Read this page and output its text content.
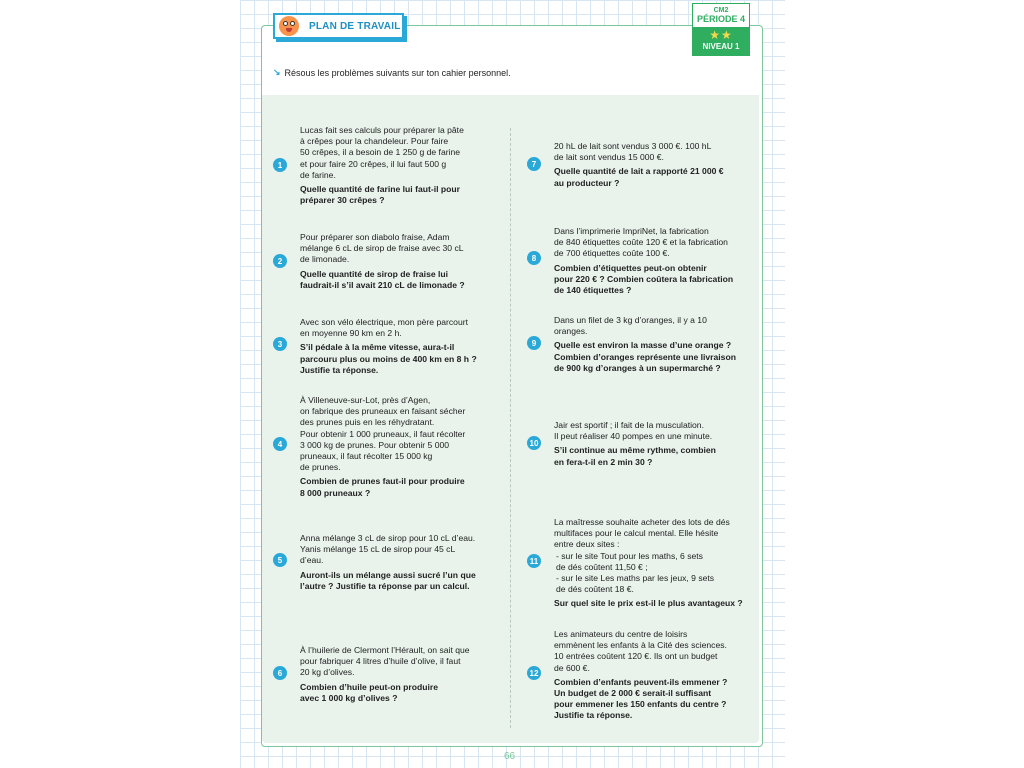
PLAN DE TRAVAIL
CM2
PÉRIODE 4
★★
NIVEAU 1
↘ Résous les problèmes suivants sur ton cahier personnel.
1

Lucas fait ses calculs pour préparer la pâte
à crêpes pour la chandeleur. Pour faire
50 crêpes, il a besoin de 1 250 g de farine
et pour faire 20 crêpes, il lui faut 500 g
de farine.

Quelle quantité de farine lui faut-il pour
préparer 30 crêpes ?

2

Pour préparer son diabolo fraise, Adam
mélange 6 cL de sirop de fraise avec 30 cL
de limonade.

Quelle quantité de sirop de fraise lui
faudrait-il s’il avait 210 cL de limonade ?

3

Avec son vélo électrique, mon père parcourt
en moyenne 90 km en 2 h.

S’il pédale à la même vitesse, aura-t-il
parcouru plus ou moins de 400 km en 8 h ?
Justifie ta réponse.

4

À Villeneuve-sur-Lot, près d’Agen,
on fabrique des pruneaux en faisant sécher
des prunes puis en les réhydratant.
Pour obtenir 1 000 pruneaux, il faut récolter
3 000 kg de prunes. Pour obtenir 5 000
pruneaux, il faut récolter 15 000 kg
de prunes.

Combien de prunes faut-il pour produire
8 000 pruneaux ?

5

Anna mélange 3 cL de sirop pour 10 cL d’eau.
Yanis mélange 15 cL de sirop pour 45 cL
d’eau.

Auront-ils un mélange aussi sucré l’un que
l’autre ? Justifie ta réponse par un calcul.

6

À l’huilerie de Clermont l’Hérault, on sait que
pour fabriquer 4 litres d’huile d’olive, il faut
20 kg d’olives.

Combien d’huile peut-on produire
avec 1 000 kg d’olives ?

7

20 hL de lait sont vendus 3 000 €. 100 hL
de lait sont vendus 15 000 €.

Quelle quantité de lait a rapporté 21 000 €
au producteur ?

8

Dans l’imprimerie ImpriNet, la fabrication
de 840 étiquettes coûte 120 € et la fabrication
de 700 étiquettes coûte 100 €.

Combien d’étiquettes peut-on obtenir
pour 220 € ? Combien coûtera la fabrication
de 140 étiquettes ?

9

Dans un filet de 3 kg d’oranges, il y a 10
oranges.

Quelle est environ la masse d’une orange ?
Combien d’oranges représente une livraison
de 900 kg d’oranges à un supermarché ?

10

Jair est sportif ; il fait de la musculation.
Il peut réaliser 40 pompes en une minute.

S’il continue au même rythme, combien
en fera-t-il en 2 min 30 ?

11

La maîtresse souhaite acheter des lots de dés
multifaces pour le calcul mental. Elle hésite
entre deux sites :

- sur le site Tout pour les maths, 6 sets
de dés coûtent 11,50 € ;
- sur le site Les maths par les jeux, 9 sets
de dés coûtent 18 €.

Sur quel site le prix est-il le plus avantageux ?

12

Les animateurs du centre de loisirs
emmènent les enfants à la Cité des sciences.
10 entrées coûtent 120 €. Ils ont un budget
de 600 €.

Combien d’enfants peuvent-ils emmener ?
Un budget de 2 000 € serait-il suffisant
pour emmener les 150 enfants du centre ?
Justifie ta réponse.

66
